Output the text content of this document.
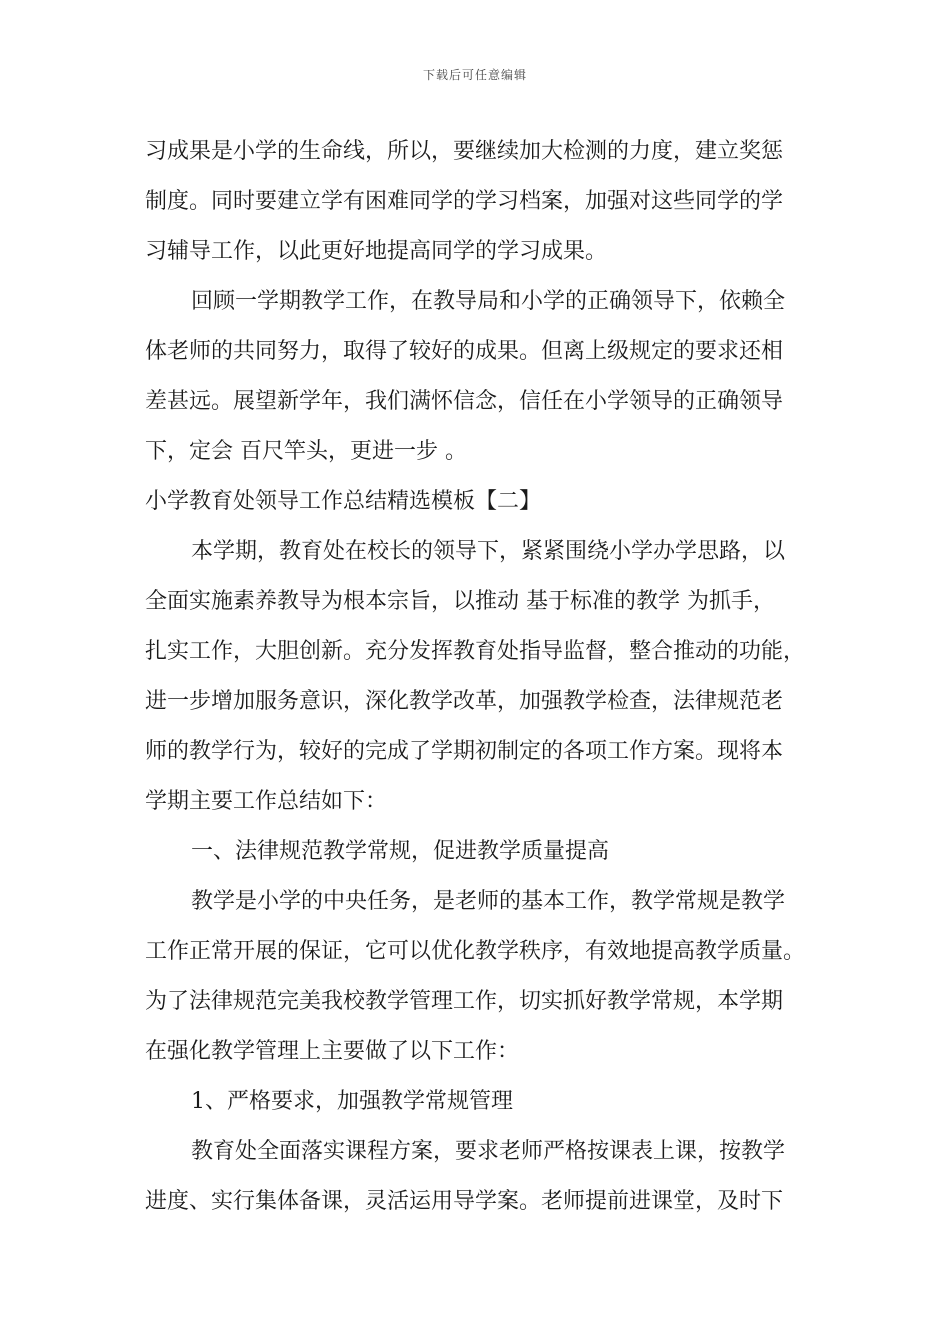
下载后可任意编辑
习成果是小学的生命线，所以，要继续加大检测的力度，建立奖惩
制度。同时要建立学有困难同学的学习档案，加强对这些同学的学
习辅导工作，以此更好地提高同学的学习成果。
回顾一学期教学工作，在教导局和小学的正确领导下，依赖全
体老师的共同努力，取得了较好的成果。但离上级规定的要求还相
差甚远。展望新学年，我们满怀信念，信任在小学领导的正确领导
下，定会 百尺竿头，更进一步 。
小学教育处领导工作总结精选模板【二】
本学期，教育处在校长的领导下，紧紧围绕小学办学思路，以
全面实施素养教导为根本宗旨，以推动 基于标准的教学 为抓手，
扎实工作，大胆创新。充分发挥教育处指导监督，整合推动的功能，
进一步增加服务意识，深化教学改革，加强教学检查，法律规范老
师的教学行为，较好的完成了学期初制定的各项工作方案。现将本
学期主要工作总结如下：
一、法律规范教学常规，促进教学质量提高
教学是小学的中央任务，是老师的基本工作，教学常规是教学
工作正常开展的保证，它可以优化教学秩序，有效地提高教学质量。
为了法律规范完美我校教学管理工作，切实抓好教学常规，本学期
在强化教学管理上主要做了以下工作：
1、严格要求，加强教学常规管理
教育处全面落实课程方案，要求老师严格按课表上课，按教学
进度、实行集体备课，灵活运用导学案。老师提前进课堂，及时下
